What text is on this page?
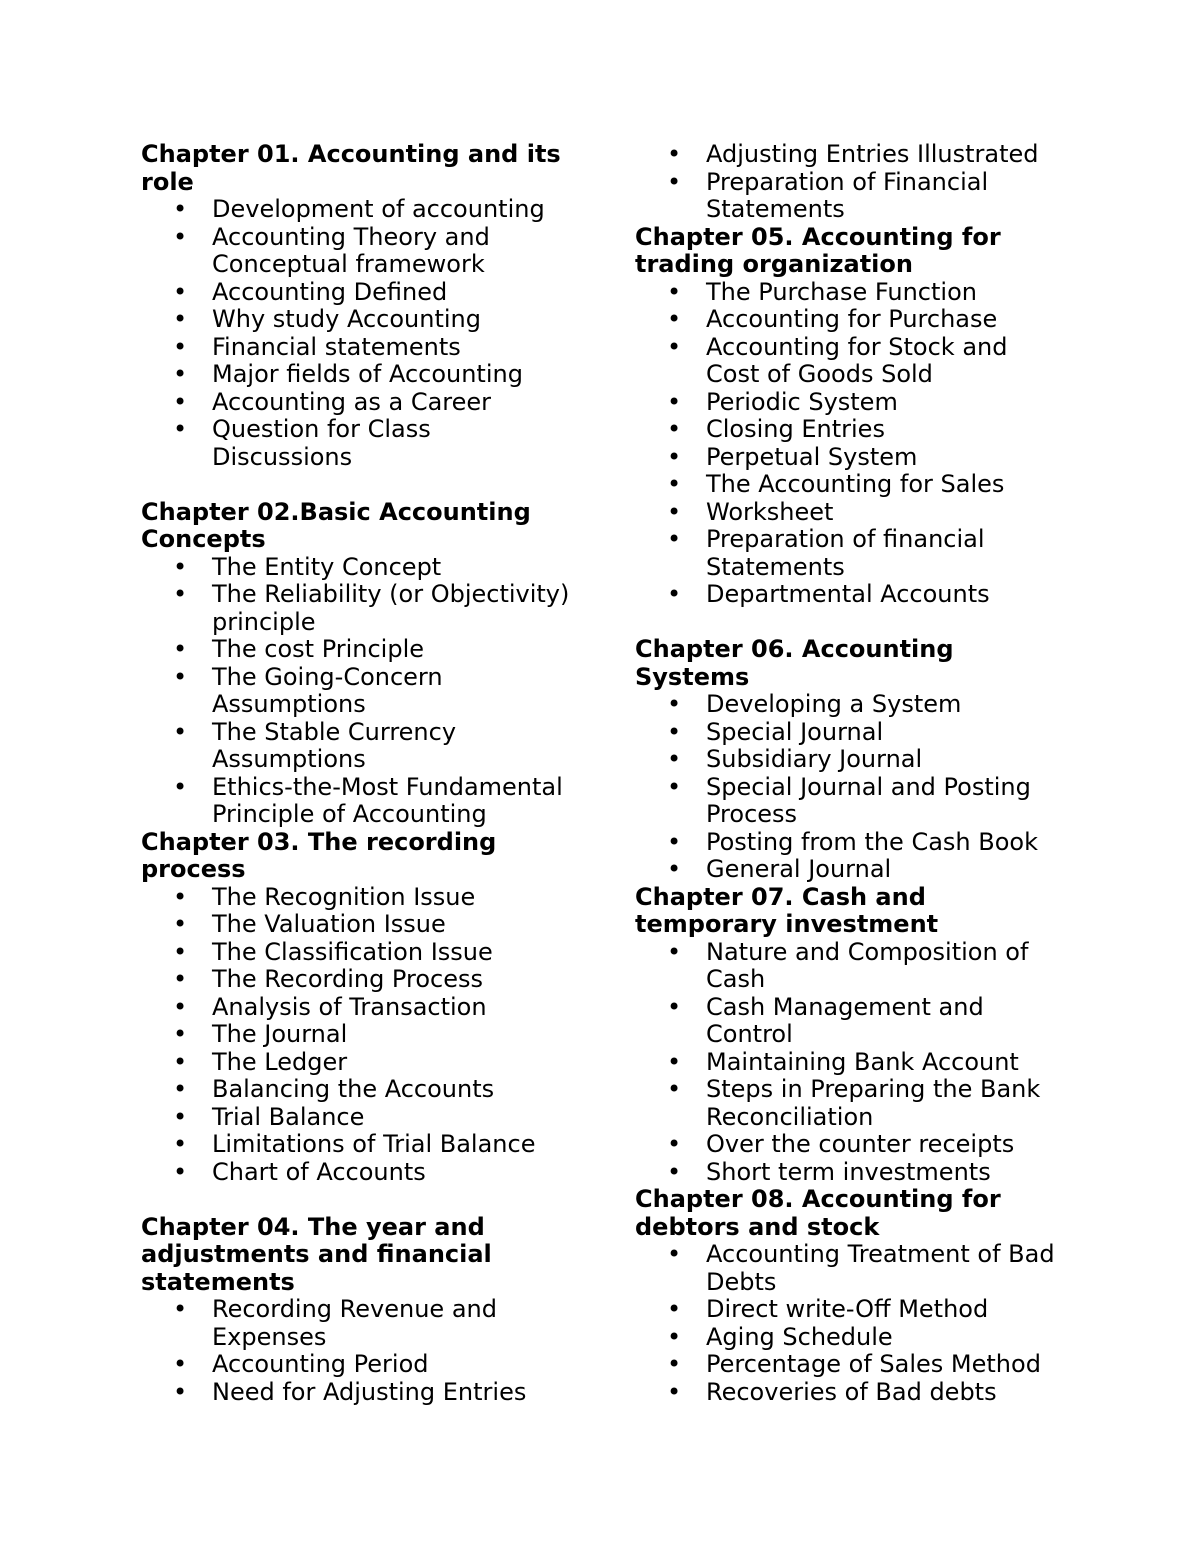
Chapter 01. Accounting and its role
• Development of accounting
• Accounting Theory and Conceptual framework
• Accounting Defined
• Why study Accounting
• Financial statements
• Major fields of Accounting
• Accounting as a Career
• Question for Class Discussions
Chapter 02.Basic Accounting Concepts
• The Entity Concept
• The Reliability (or Objectivity) principle
• The cost Principle
• The Going-Concern Assumptions
• The Stable Currency Assumptions
• Ethics-the-Most Fundamental Principle of Accounting
Chapter 03. The recording process
• The Recognition Issue
• The Valuation Issue
• The Classification Issue
• The Recording Process
• Analysis of Transaction
• The Journal
• The Ledger
• Balancing the Accounts
• Trial Balance
• Limitations of Trial Balance
• Chart of Accounts
Chapter 04. The year and adjustments and financial statements
• Recording Revenue and Expenses
• Accounting Period
• Need for Adjusting Entries
• Adjusting Entries Illustrated
• Preparation of Financial Statements
Chapter 05. Accounting for trading organization
• The Purchase Function
• Accounting for Purchase
• Accounting for Stock and Cost of Goods Sold
• Periodic System
• Closing Entries
• Perpetual System
• The Accounting for Sales
• Worksheet
• Preparation of financial Statements
• Departmental Accounts
Chapter 06. Accounting Systems
• Developing a System
• Special Journal
• Subsidiary Journal
• Special Journal and Posting Process
• Posting from the Cash Book
• General Journal
Chapter 07. Cash and temporary investment
• Nature and Composition of Cash
• Cash Management and Control
• Maintaining Bank Account
• Steps in Preparing the Bank Reconciliation
• Over the counter receipts
• Short term investments
Chapter 08. Accounting for debtors and stock
• Accounting Treatment of Bad Debts
• Direct write-Off Method
• Aging Schedule
• Percentage of Sales Method
• Recoveries of Bad debts
